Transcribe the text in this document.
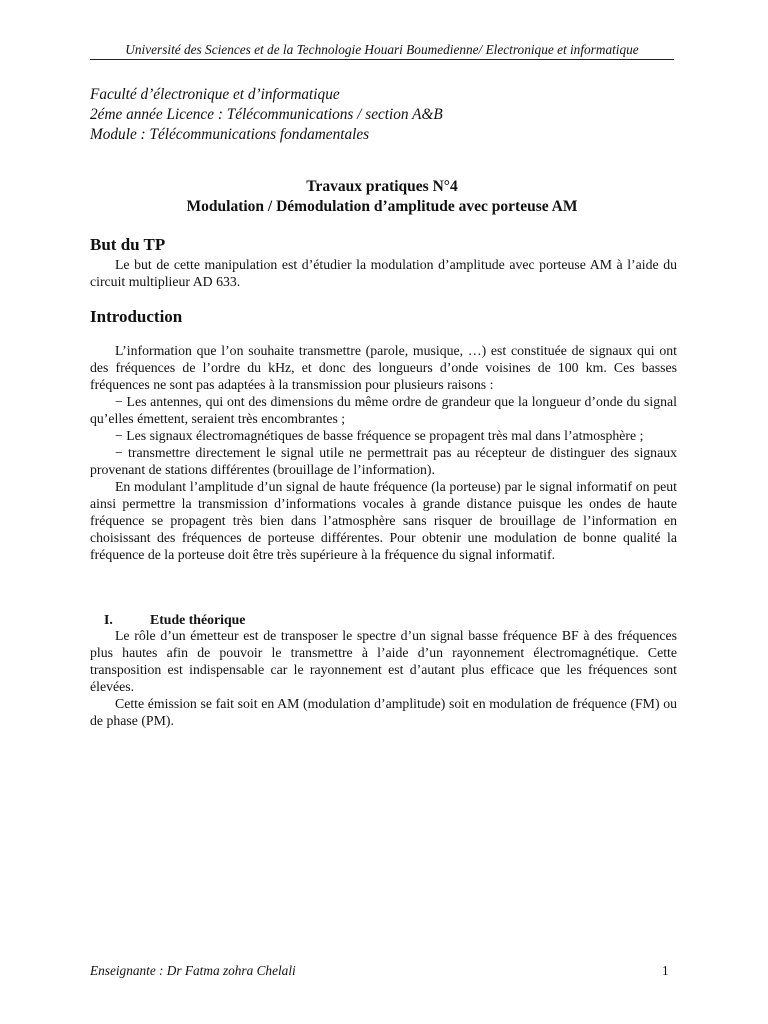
Université des Sciences et de la Technologie Houari Boumedienne/ Electronique et informatique
Faculté d’électronique et d’informatique
2éme année Licence : Télécommunications / section A&B
Module : Télécommunications fondamentales
Travaux pratiques N°4
Modulation / Démodulation d’amplitude avec porteuse AM
But du TP

Le but de cette manipulation est d’étudier la modulation d’amplitude avec porteuse AM à l’aide du circuit multiplieur AD 633.

Introduction

L’information que l’on souhaite transmettre (parole, musique, …) est constituée de signaux qui ont des fréquences de l’ordre du kHz, et donc des longueurs d’onde voisines de 100 km. Ces basses fréquences ne sont pas adaptées à la transmission pour plusieurs raisons :

− Les antennes, qui ont des dimensions du même ordre de grandeur que la longueur d’onde du signal qu’elles émettent, seraient très encombrantes ;

− Les signaux électromagnétiques de basse fréquence se propagent très mal dans l’atmosphère ;

− transmettre directement le signal utile ne permettrait pas au récepteur de distinguer des signaux provenant de stations différentes (brouillage de l’information).

En modulant l’amplitude d’un signal de haute fréquence (la porteuse) par le signal informatif on peut ainsi permettre la transmission d’informations vocales à grande distance puisque les ondes de haute fréquence se propagent très bien dans l’atmosphère sans risquer de brouillage de l’information en choisissant des fréquences de porteuse différentes. Pour obtenir une modulation de bonne qualité la fréquence de la porteuse doit être très supérieure à la fréquence du signal informatif.

I.	Etude théorique

Le rôle d’un émetteur est de transposer le spectre d’un signal basse fréquence BF à des fréquences plus hautes afin de pouvoir le transmettre à l’aide d’un rayonnement électromagnétique. Cette transposition est indispensable car le rayonnement est d’autant plus efficace que les fréquences sont élevées.

Cette émission se fait soit en AM (modulation d’amplitude) soit en modulation de fréquence (FM) ou de phase (PM).

Enseignante : Dr Fatma zohra Chelali	1
